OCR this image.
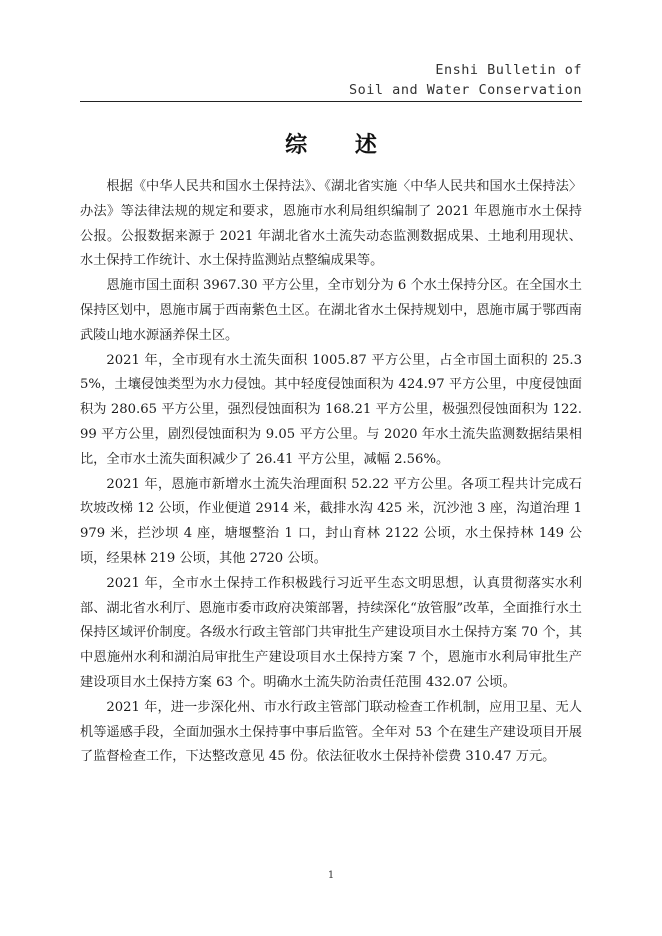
Enshi Bulletin of
Soil and Water Conservation
综 述

根据《中华人民共和国水土保持法》、《湖北省实施〈中华人民共和国水土保持法〉办法》等法律法规的规定和要求，恩施市水利局组织编制了 2021 年恩施市水土保持公报。公报数据来源于 2021 年湖北省水土流失动态监测数据成果、土地利用现状、水土保持工作统计、水土保持监测站点整编成果等。

恩施市国土面积 3967.30 平方公里，全市划分为 6 个水土保持分区。在全国水土保持区划中，恩施市属于西南紫色土区。在湖北省水土保持规划中，恩施市属于鄂西南武陵山地水源涵养保土区。

2021 年，全市现有水土流失面积 1005.87 平方公里，占全市国土面积的 25.35%，土壤侵蚀类型为水力侵蚀。其中轻度侵蚀面积为 424.97 平方公里，中度侵蚀面积为 280.65 平方公里，强烈侵蚀面积为 168.21 平方公里，极强烈侵蚀面积为 122.99 平方公里，剧烈侵蚀面积为 9.05 平方公里。与 2020 年水土流失监测数据结果相比，全市水土流失面积减少了 26.41 平方公里，减幅 2.56%。

2021 年，恩施市新增水土流失治理面积 52.22 平方公里。各项工程共计完成石坎坡改梯 12 公顷，作业便道 2914 米，截排水沟 425 米，沉沙池 3 座，沟道治理 1979 米，拦沙坝 4 座，塘堰整治 1 口，封山育林 2122 公顷，水土保持林 149 公顷，经果林 219 公顷，其他 2720 公顷。

2021 年，全市水土保持工作积极践行习近平生态文明思想，认真贯彻落实水利部、湖北省水利厅、恩施市委市政府决策部署，持续深化“放管服”改革，全面推行水土保持区域评价制度。各级水行政主管部门共审批生产建设项目水土保持方案 70 个，其中恩施州水利和湖泊局审批生产建设项目水土保持方案 7 个，恩施市水利局审批生产建设项目水土保持方案 63 个。明确水土流失防治责任范围 432.07 公顷。

2021 年，进一步深化州、市水行政主管部门联动检查工作机制，应用卫星、无人机等遥感手段，全面加强水土保持事中事后监管。全年对 53 个在建生产建设项目开展了监督检查工作，下达整改意见 45 份。依法征收水土保持补偿费 310.47 万元。

1
